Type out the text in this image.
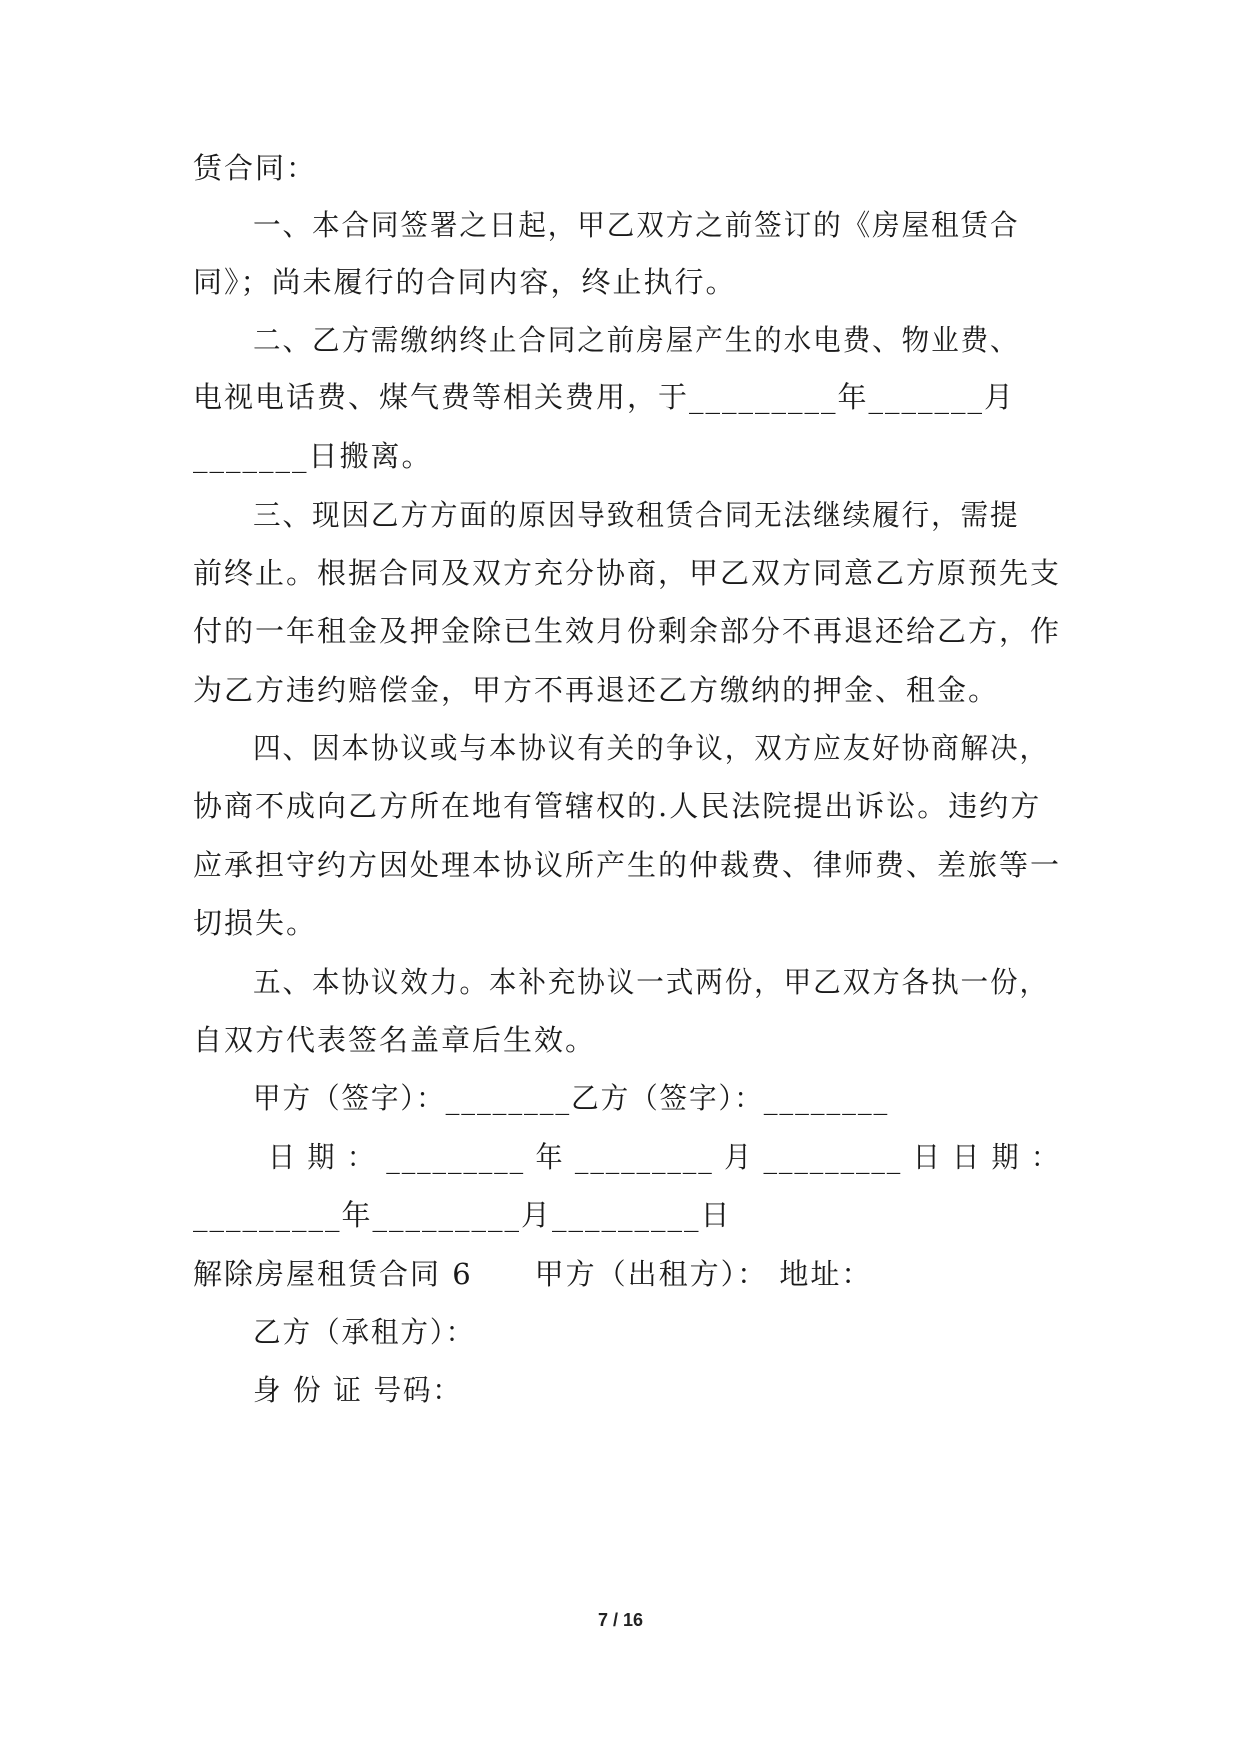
赁合同：
一、本合同签署之日起，甲乙双方之前签订的《房屋租赁合
同》；尚未履行的合同内容，终止执行。
二、乙方需缴纳终止合同之前房屋产生的水电费、物业费、
电视电话费、煤气费等相关费用，于_________年_______月
_______日搬离。
三、现因乙方方面的原因导致租赁合同无法继续履行，需提
前终止。根据合同及双方充分协商，甲乙双方同意乙方原预先支
付的一年租金及押金除已生效月份剩余部分不再退还给乙方，作
为乙方违约赔偿金，甲方不再退还乙方缴纳的押金、租金。
四、因本协议或与本协议有关的争议，双方应友好协商解决，
协商不成向乙方所在地有管辖权的.人民法院提出诉讼。违约方
应承担守约方因处理本协议所产生的仲裁费、律师费、差旅等一
切损失。
五、本协议效力。本补充协议一式两份，甲乙双方各执一份，
自双方代表签名盖章后生效。
甲方（签字）：________乙方（签字）：________
日 期 ： _________ 年 _________ 月 _________ 日 日 期 ：
_________年_________月_________日
解除房屋租赁合同 6　　甲方（出租方）： 地址：
乙方（承租方）：
身 份 证 号码：
7 / 16
